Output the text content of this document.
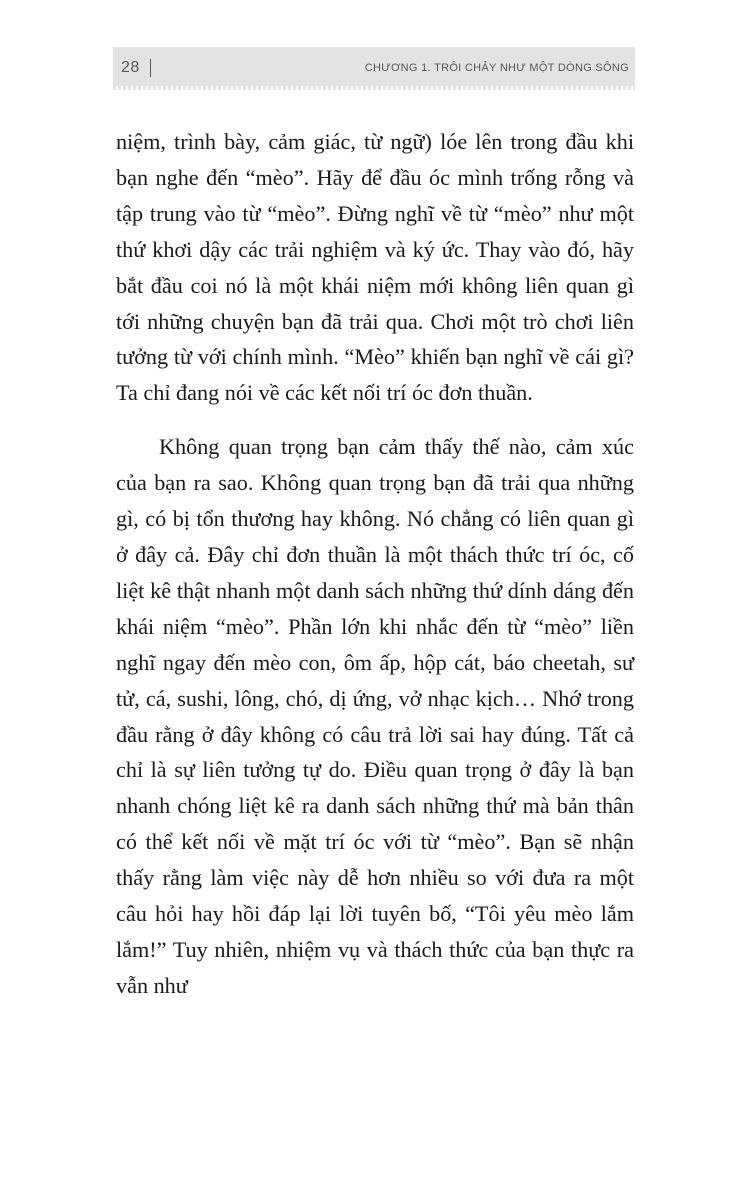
28	CHƯƠNG 1. TRÔI CHẢY NHƯ MỘT DÒNG SÔNG

niệm, trình bày, cảm giác, từ ngữ) lóe lên trong đầu khi bạn nghe đến “mèo”. Hãy để đầu óc mình trống rỗng và tập trung vào từ “mèo”. Đừng nghĩ về từ “mèo” như một thứ khơi dậy các trải nghiệm và ký ức. Thay vào đó, hãy bắt đầu coi nó là một khái niệm mới không liên quan gì tới những chuyện bạn đã trải qua. Chơi một trò chơi liên tưởng từ với chính mình. “Mèo” khiến bạn nghĩ về cái gì? Ta chỉ đang nói về các kết nối trí óc đơn thuần.

Không quan trọng bạn cảm thấy thế nào, cảm xúc của bạn ra sao. Không quan trọng bạn đã trải qua những gì, có bị tổn thương hay không. Nó chẳng có liên quan gì ở đây cả. Đây chỉ đơn thuần là một thách thức trí óc, cố liệt kê thật nhanh một danh sách những thứ dính dáng đến khái niệm “mèo”. Phần lớn khi nhắc đến từ “mèo” liền nghĩ ngay đến mèo con, ôm ấp, hộp cát, báo cheetah, sư tử, cá, sushi, lông, chó, dị ứng, vở nhạc kịch… Nhớ trong đầu rằng ở đây không có câu trả lời sai hay đúng. Tất cả chỉ là sự liên tưởng tự do. Điều quan trọng ở đây là bạn nhanh chóng liệt kê ra danh sách những thứ mà bản thân có thể kết nối về mặt trí óc với từ “mèo”. Bạn sẽ nhận thấy rằng làm việc này dễ hơn nhiều so với đưa ra một câu hỏi hay hồi đáp lại lời tuyên bố, “Tôi yêu mèo lắm lắm!” Tuy nhiên, nhiệm vụ và thách thức của bạn thực ra vẫn như
